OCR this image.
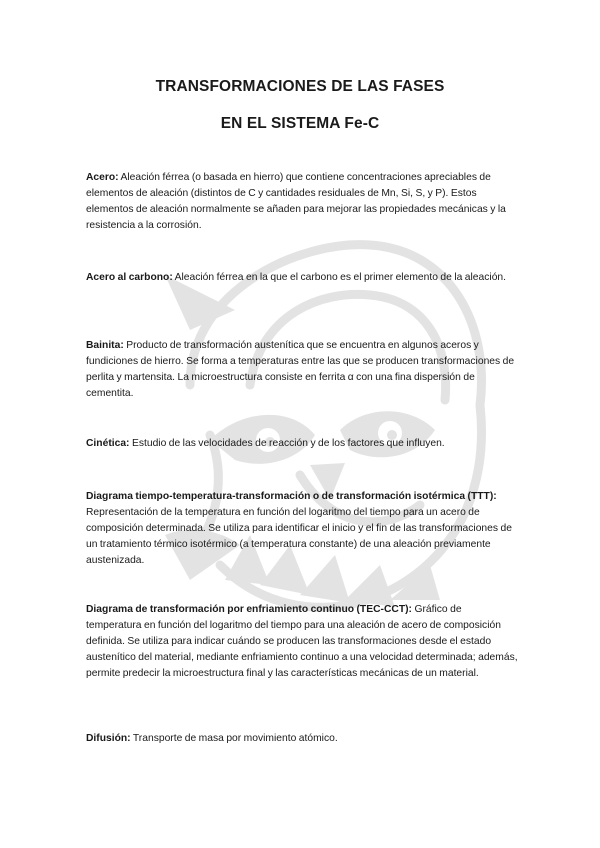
TRANSFORMACIONES DE LAS FASES
EN EL SISTEMA Fe-C

Acero: Aleación férrea (o basada en hierro) que contiene concentraciones apreciables de elementos de aleación (distintos de C y cantidades residuales de Mn, Si, S, y P). Estos elementos de aleación normalmente se añaden para mejorar las propiedades mecánicas y la resistencia a la corrosión.

Acero al carbono: Aleación férrea en la que el carbono es el primer elemento de la aleación.

Bainita: Producto de transformación austenítica que se encuentra en algunos aceros y fundiciones de hierro. Se forma a temperaturas entre las que se producen transformaciones de perlita y martensita. La microestructura consiste en ferrita α con una fina dispersión de cementita.

Cinética: Estudio de las velocidades de reacción y de los factores que influyen.

Diagrama tiempo-temperatura-transformación o de transformación isotérmica (TTT): Representación de la temperatura en función del logaritmo del tiempo para un acero de composición determinada. Se utiliza para identificar el inicio y el fin de las transformaciones de un tratamiento térmico isotérmico (a temperatura constante) de una aleación previamente austenizada.

Diagrama de transformación por enfriamiento continuo (TEC-CCT): Gráfico de temperatura en función del logaritmo del tiempo para una aleación de acero de composición definida. Se utiliza para indicar cuándo se producen las transformaciones desde el estado austenítico del material, mediante enfriamiento continuo a una velocidad determinada; además, permite predecir la microestructura final y las características mecánicas de un material.

Difusión: Transporte de masa por movimiento atómico.
